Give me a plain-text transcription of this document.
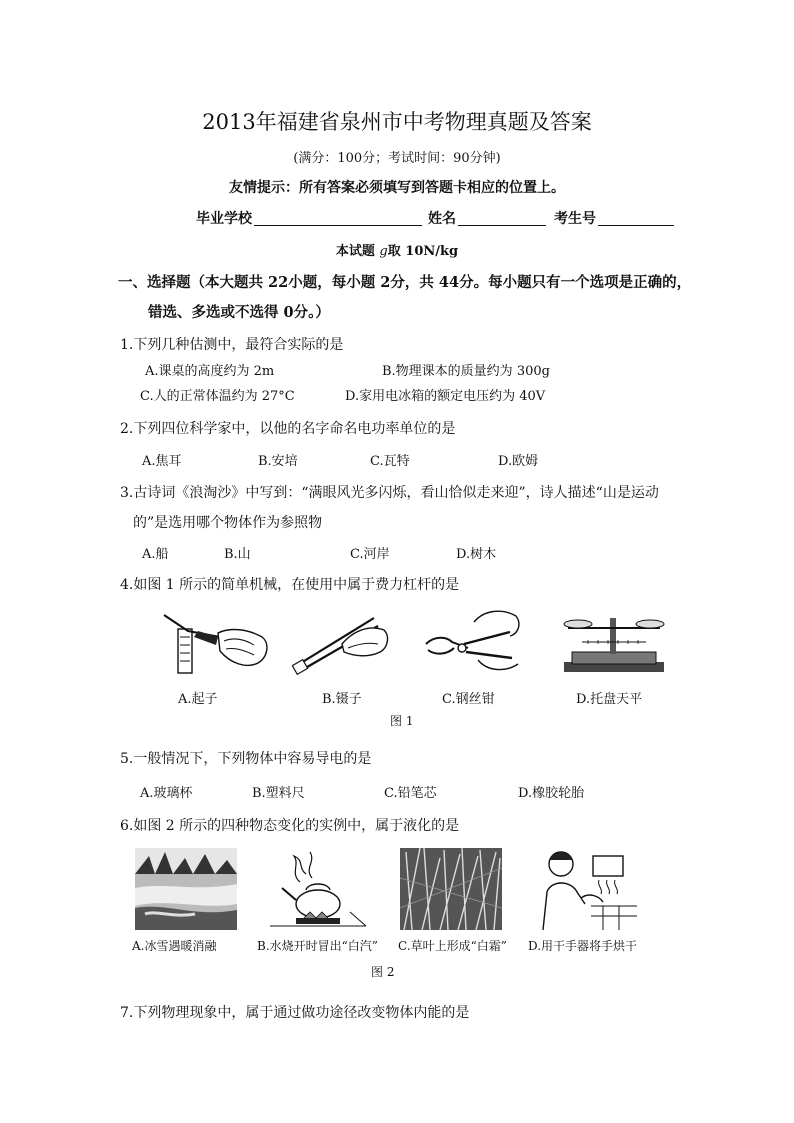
2013年福建省泉州市中考物理真题及答案
(满分：100分；考试时间：90分钟)
友情提示：所有答案必须填写到答题卡相应的位置上。
毕业学校	姓名	考生号
本试题 g取 10N/kg
一、选择题（本大题共 22小题，每小题 2分，共 44分。每小题只有一个选项是正确的，
错选、多选或不选得 0分。）
1.下列几种估测中，最符合实际的是
A.课桌的高度约为 2m	B.物理课本的质量约为 300g
C.人的正常体温约为 27°C	D.家用电冰箱的额定电压约为 40V
2.下列四位科学家中，以他的名字命名电功率单位的是
A.焦耳	B.安培	C.瓦特	D.欧姆
3.古诗词《浪淘沙》中写到：“满眼风光多闪烁，看山恰似走来迎”，诗人描述“山是运动
的”是选用哪个物体作为参照物
A.船	B.山	C.河岸	D.树木
4.如图 1 所示的简单机械，在使用中属于费力杠杆的是
A.起子	B.镊子	C.钢丝钳	D.托盘天平
图 1
5.一般情况下，下列物体中容易导电的是
A.玻璃杯	B.塑料尺	C.铅笔芯	D.橡胶轮胎
6.如图 2 所示的四种物态变化的实例中，属于液化的是
A.冰雪遇暖消融	B.水烧开时冒出“白汽” C.草叶上形成“白霜” D.用干手器将手烘干
图 2
7.下列物理现象中，属于通过做功途径改变物体内能的是
